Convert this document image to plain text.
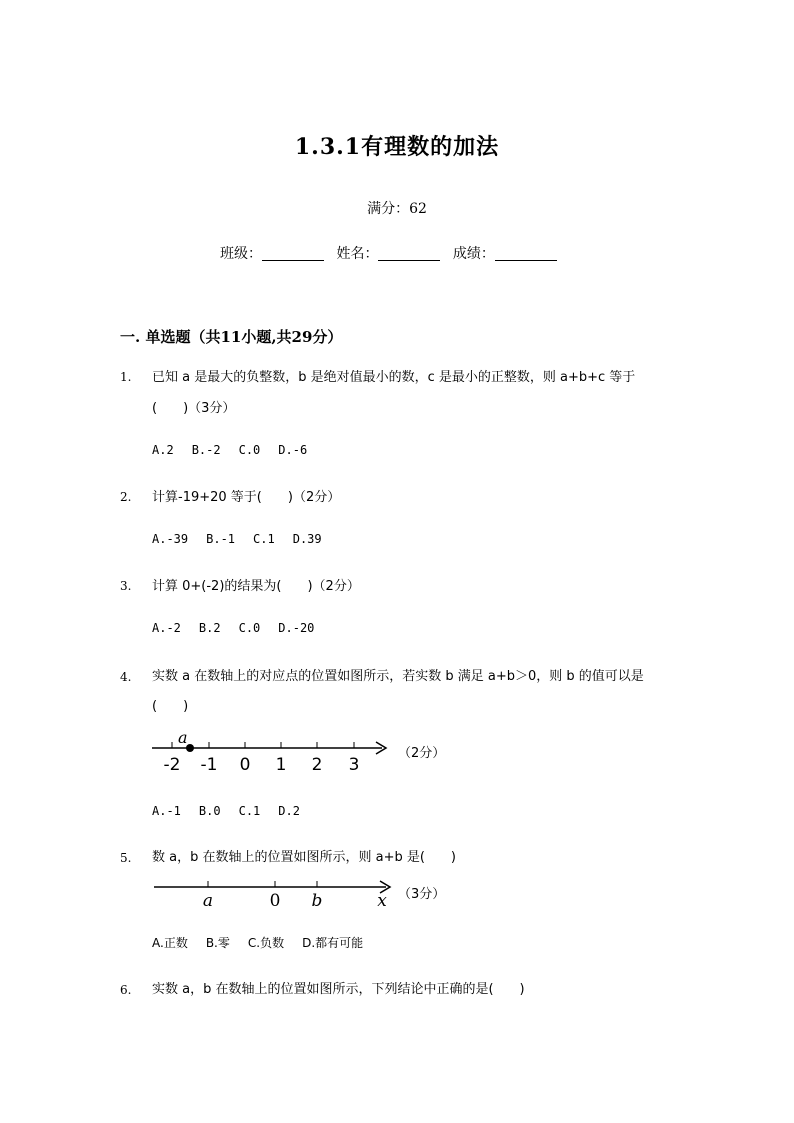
1.3.1有理数的加法
满分：62
班级：	姓名：	成绩：
一. 单选题（共11小题,共29分）
1. 已知 a 是最大的负整数，b 是绝对值最小的数，c 是最小的正整数，则 a+b+c 等于
(　　)（3分）
A.2 B.-2 C.0 D.-6
2. 计算-19+20 等于(　　)（2分）
A.-39 B.-1 C.1 D.39
3. 计算 0+(-2)的结果为(　　)（2分）
A.-2 B.2 C.0 D.-20
4. 实数 a 在数轴上的对应点的位置如图所示，若实数 b 满足 a+b＞0，则 b 的值可以是
(　　)
a
-2 -1 0 1 2 3
（2分）
A.-1 B.0 C.1 D.2
5. 数 a，b 在数轴上的位置如图所示，则 a+b 是(　　)
a	0 b	x （3分）
A.正数 B.零 C.负数 D.都有可能
6. 实数 a，b 在数轴上的位置如图所示，下列结论中正确的是(　　)
